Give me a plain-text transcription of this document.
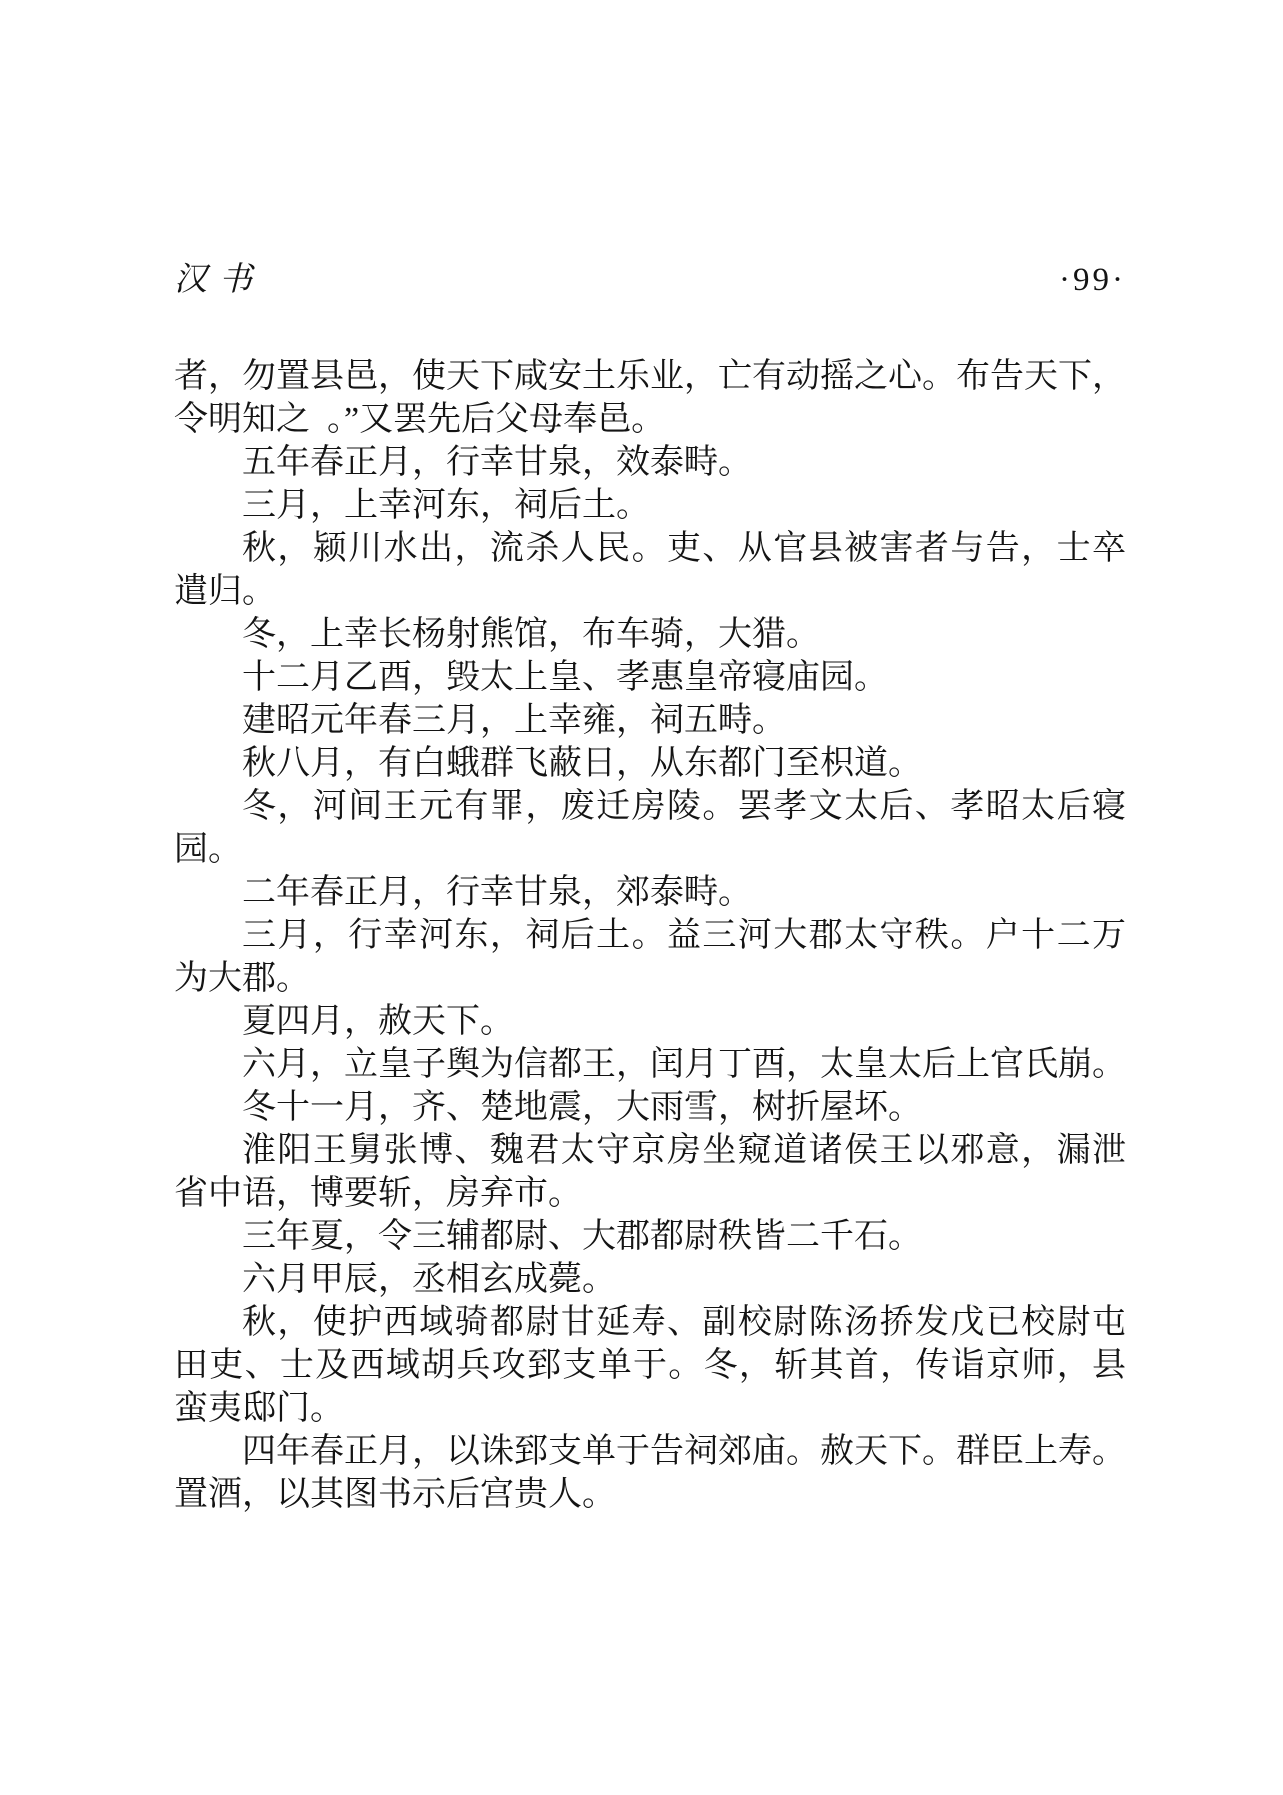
汉书	·99·
者，勿置县邑，使天下咸安土乐业，亡有动摇之心。布告天下，
令明知之 。”又罢先后父母奉邑。
五年春正月，行幸甘泉，效泰畤。
三月，上幸河东，祠后土。
秋，颍川水出，流杀人民。吏、从官县被害者与告，士卒
遣归。
冬，上幸长杨射熊馆，布车骑，大猎。
十二月乙酉，毁太上皇、孝惠皇帝寝庙园。
建昭元年春三月，上幸雍，祠五畤。
秋八月，有白蛾群飞蔽日，从东都门至枳道。
冬，河间王元有罪，废迁房陵。罢孝文太后、孝昭太后寝
园。
二年春正月，行幸甘泉，郊泰畤。
三月，行幸河东，祠后土。益三河大郡太守秩。户十二万
为大郡。
夏四月，赦天下。
六月，立皇子舆为信都王，闰月丁酉，太皇太后上官氏崩。
冬十一月，齐、楚地震，大雨雪，树折屋坏。
淮阳王舅张博、魏君太守京房坐窥道诸侯王以邪意，漏泄
省中语，博要斩，房弃市。
三年夏，令三辅都尉、大郡都尉秩皆二千石。
六月甲辰，丞相玄成薨。
秋，使护西域骑都尉甘延寿、副校尉陈汤挢发戊已校尉屯
田吏、士及西域胡兵攻郅支单于。冬，斩其首，传诣京师，县
蛮夷邸门。
四年春正月，以诛郅支单于告祠郊庙。赦天下。群臣上寿。
置酒，以其图书示后宫贵人。
